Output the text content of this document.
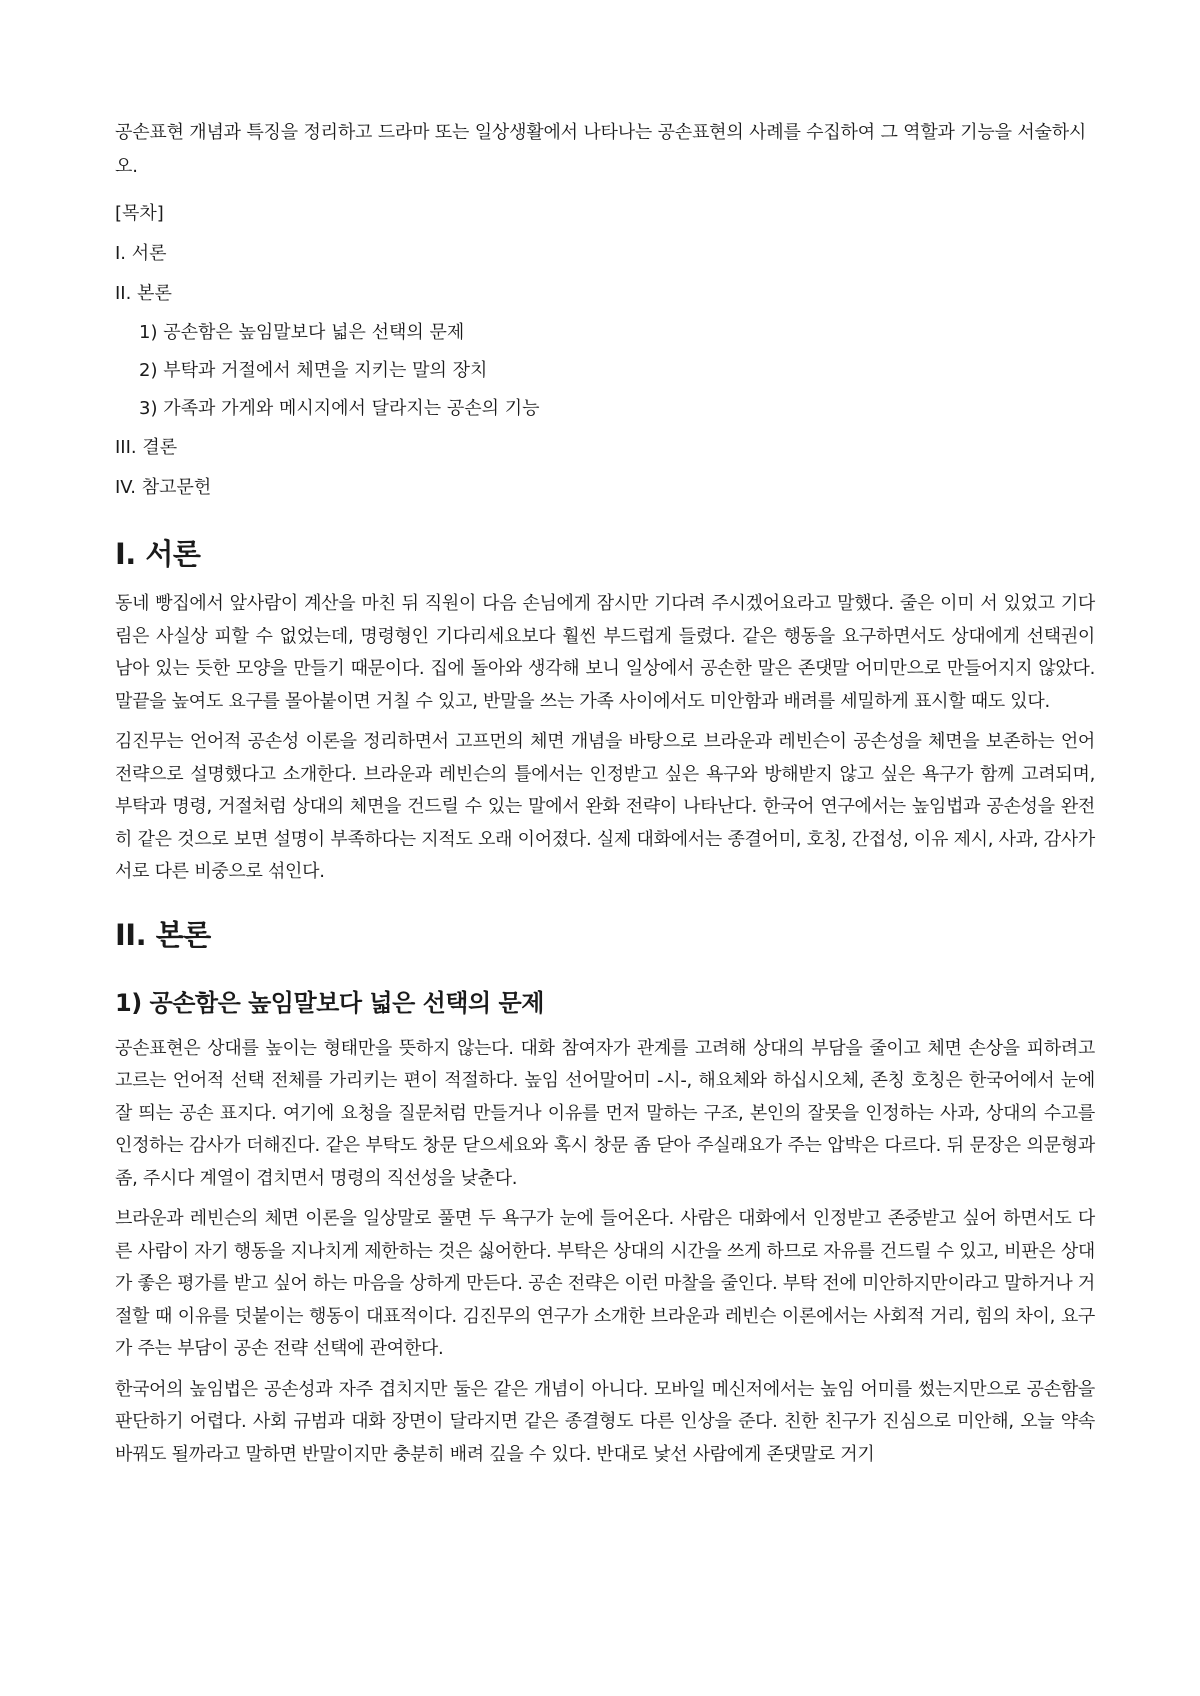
공손표현 개념과 특징을 정리하고 드라마 또는 일상생활에서 나타나는 공손표현의 사례를 수집하여 그 역할과 기능을 서술하시오.

[목차]

I. 서론
II. 본론
1) 공손함은 높임말보다 넓은 선택의 문제
2) 부탁과 거절에서 체면을 지키는 말의 장치
3) 가족과 가게와 메시지에서 달라지는 공손의 기능
III. 결론
IV. 참고문헌
I. 서론

동네 빵집에서 앞사람이 계산을 마친 뒤 직원이 다음 손님에게 잠시만 기다려 주시겠어요라고 말했다. 줄은 이미 서 있었고 기다림은 사실상 피할 수 없었는데, 명령형인 기다리세요보다 훨씬 부드럽게 들렸다. 같은 행동을 요구하면서도 상대에게 선택권이 남아 있는 듯한 모양을 만들기 때문이다. 집에 돌아와 생각해 보니 일상에서 공손한 말은 존댓말 어미만으로 만들어지지 않았다. 말끝을 높여도 요구를 몰아붙이면 거칠 수 있고, 반말을 쓰는 가족 사이에서도 미안함과 배려를 세밀하게 표시할 때도 있다.

김진무는 언어적 공손성 이론을 정리하면서 고프먼의 체면 개념을 바탕으로 브라운과 레빈슨이 공손성을 체면을 보존하는 언어 전략으로 설명했다고 소개한다. 브라운과 레빈슨의 틀에서는 인정받고 싶은 욕구와 방해받지 않고 싶은 욕구가 함께 고려되며, 부탁과 명령, 거절처럼 상대의 체면을 건드릴 수 있는 말에서 완화 전략이 나타난다. 한국어 연구에서는 높임법과 공손성을 완전히 같은 것으로 보면 설명이 부족하다는 지적도 오래 이어졌다. 실제 대화에서는 종결어미, 호칭, 간접성, 이유 제시, 사과, 감사가 서로 다른 비중으로 섞인다.

II. 본론
1) 공손함은 높임말보다 넓은 선택의 문제

공손표현은 상대를 높이는 형태만을 뜻하지 않는다. 대화 참여자가 관계를 고려해 상대의 부담을 줄이고 체면 손상을 피하려고 고르는 언어적 선택 전체를 가리키는 편이 적절하다. 높임 선어말어미 -시-, 해요체와 하십시오체, 존칭 호칭은 한국어에서 눈에 잘 띄는 공손 표지다. 여기에 요청을 질문처럼 만들거나 이유를 먼저 말하는 구조, 본인의 잘못을 인정하는 사과, 상대의 수고를 인정하는 감사가 더해진다. 같은 부탁도 창문 닫으세요와 혹시 창문 좀 닫아 주실래요가 주는 압박은 다르다. 뒤 문장은 의문형과 좀, 주시다 계열이 겹치면서 명령의 직선성을 낮춘다.

브라운과 레빈슨의 체면 이론을 일상말로 풀면 두 욕구가 눈에 들어온다. 사람은 대화에서 인정받고 존중받고 싶어 하면서도 다른 사람이 자기 행동을 지나치게 제한하는 것은 싫어한다. 부탁은 상대의 시간을 쓰게 하므로 자유를 건드릴 수 있고, 비판은 상대가 좋은 평가를 받고 싶어 하는 마음을 상하게 만든다. 공손 전략은 이런 마찰을 줄인다. 부탁 전에 미안하지만이라고 말하거나 거절할 때 이유를 덧붙이는 행동이 대표적이다. 김진무의 연구가 소개한 브라운과 레빈슨 이론에서는 사회적 거리, 힘의 차이, 요구가 주는 부담이 공손 전략 선택에 관여한다.

한국어의 높임법은 공손성과 자주 겹치지만 둘은 같은 개념이 아니다. 모바일 메신저에서는 높임 어미를 썼는지만으로 공손함을 판단하기 어렵다. 사회 규범과 대화 장면이 달라지면 같은 종결형도 다른 인상을 준다. 친한 친구가 진심으로 미안해, 오늘 약속 바꿔도 될까라고 말하면 반말이지만 충분히 배려 깊을 수 있다. 반대로 낯선 사람에게 존댓말로 거기
